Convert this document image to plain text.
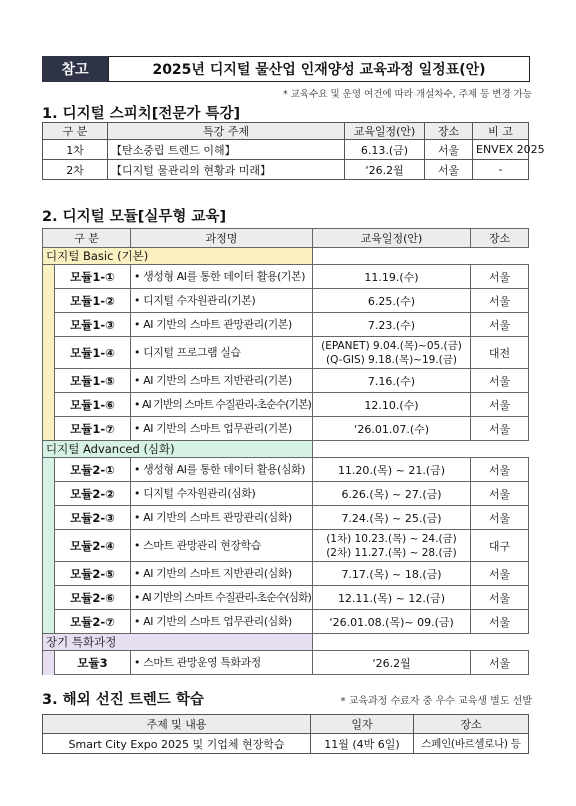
참고	2025년 디지털 물산업 인재양성 교육과정 일정표(안)
* 교육수요 및 운영 여건에 따라 개설차수, 주제 등 변경 가능
1. 디지털 스피치[전문가 특강]
구 분	특강 주제	교육일정(안)	장소	비 고
1차	【탄소중립 트렌드 이해】	6.13.(금)	서울	ENVEX 2025
2차	【디지털 물관리의 현황과 미래】	‘26.2월	서울	-
2. 디지털 모듈[실무형 교육]
구 분		과정명	교육일정(안)	장소
디지털 Basic (기본)				
	모듈1-①	• 생성형 AI를 통한 데이터 활용(기본)	11.19.(수)	서울
	모듈1-②	• 디지털 수자원관리(기본)	6.25.(수)	서울
	모듈1-③	• AI 기반의 스마트 관망관리(기본)	7.23.(수)	서울
	모듈1-④	• 디지털 프로그램 실습	(EPANET) 9.04.(목)~05.(금)
(Q-GIS) 9.18.(목)~19.(금)	대전
	모듈1-⑤	• AI 기반의 스마트 지반관리(기본)	7.16.(수)	서울
	모듈1-⑥	• AI 기반의 스마트 수질관리-초순수(기본)	12.10.(수)	서울
	모듈1-⑦	• AI 기반의 스마트 업무관리(기본)	‘26.01.07.(수)	서울
디지털 Advanced (심화)				
	모듈2-①	• 생성형 AI를 통한 데이터 활용(심화)	11.20.(목) ~ 21.(금)	서울
	모듈2-②	• 디지털 수자원관리(심화)	6.26.(목) ~ 27.(금)	서울
	모듈2-③	• AI 기반의 스마트 관망관리(심화)	7.24.(목) ~ 25.(금)	서울
	모듈2-④	• 스마트 관망관리 현장학습	(1차) 10.23.(목) ~ 24.(금)
(2차) 11.27.(목) ~ 28.(금)	대구
	모듈2-⑤	• AI 기반의 스마트 지반관리(심화)	7.17.(목) ~ 18.(금)	서울
	모듈2-⑥	• AI 기반의 스마트 수질관리-초순수(심화)	12.11.(목) ~ 12.(금)	서울
	모듈2-⑦	• AI 기반의 스마트 업무관리(심화)	‘26.01.08.(목)~ 09.(금)	서울
장기 특화과정				
	모듈3	• 스마트 관망운영 특화과정	‘26.2월	서울
3. 해외 선진 트렌드 학습	* 교육과정 수료자 중 우수 교육생 별도 선발
주제 및 내용	일자	장소
Smart City Expo 2025 및 기업체 현장학습	11월 (4박 6일)	스페인(바르셀로나) 등
